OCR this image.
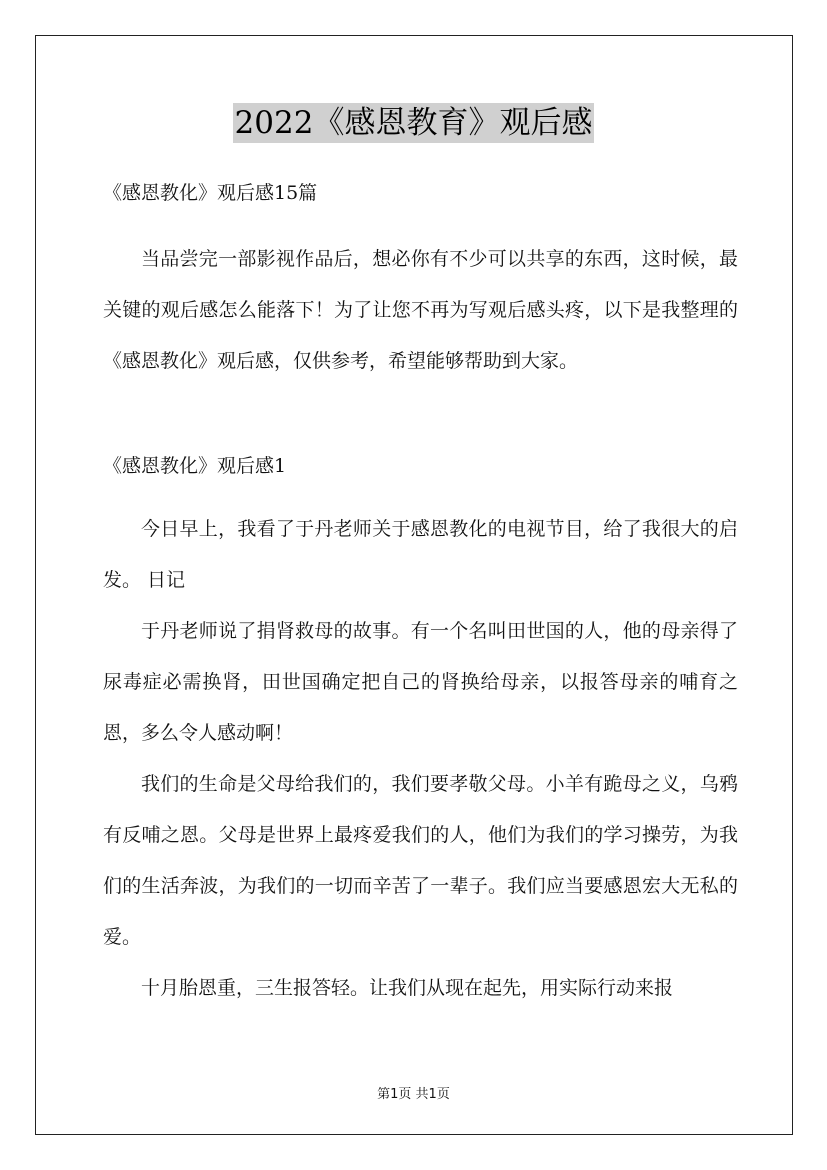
2022《感恩教育》观后感

《感恩教化》观后感15篇

当品尝完一部影视作品后，想必你有不少可以共享的东西，这时候，最关键的观后感怎么能落下！为了让您不再为写观后感头疼，以下是我整理的《感恩教化》观后感，仅供参考，希望能够帮助到大家。

《感恩教化》观后感1

今日早上，我看了于丹老师关于感恩教化的电视节目，给了我很大的启发。 日记

于丹老师说了捐肾救母的故事。有一个名叫田世国的人，他的母亲得了尿毒症必需换肾，田世国确定把自己的肾换给母亲，以报答母亲的哺育之恩，多么令人感动啊！

我们的生命是父母给我们的，我们要孝敬父母。小羊有跪母之义，乌鸦有反哺之恩。父母是世界上最疼爱我们的人，他们为我们的学习操劳，为我们的生活奔波，为我们的一切而辛苦了一辈子。我们应当要感恩宏大无私的爱。

十月胎恩重，三生报答轻。让我们从现在起先，用实际行动来报

第1页 共1页
